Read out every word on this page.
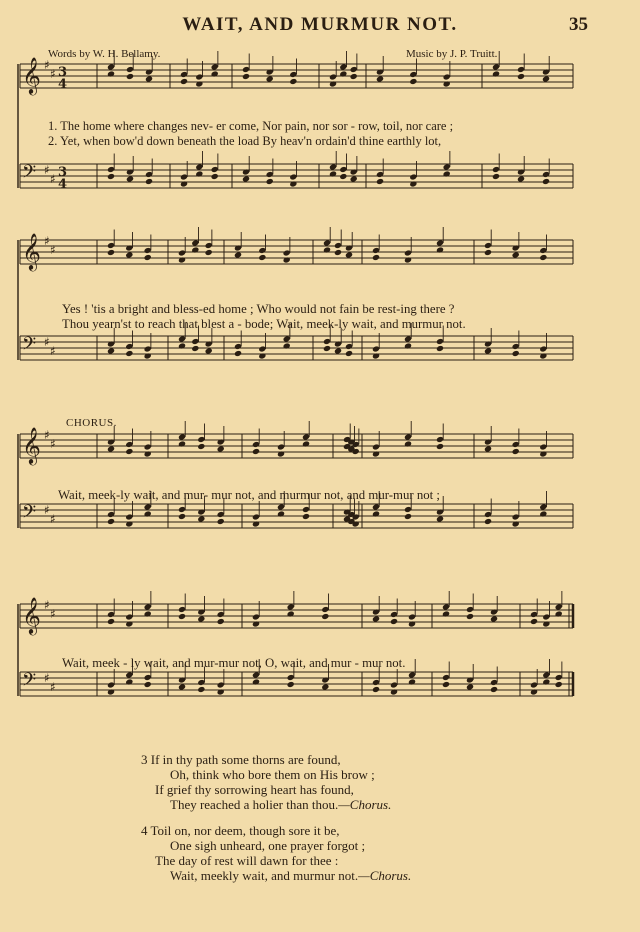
WAIT, AND MURMUR NOT.	35
Words by W. H. Bellamy.	Music by J. P. Truitt.
𝄞 ♯
♯ 3
4
𝄢 ♯
♯ 3
4
𝄞 ♯
♯
𝄢 ♯
♯
𝄞 ♯
♯
𝄢 ♯
♯
𝄞 ♯
♯
𝄢 ♯
♯
1. The home where changes nev- er come, Nor pain, nor sor - row, toil, nor care ;
2. Yet, when bow'd down beneath the load By heav'n ordain'd thine earthly lot,
Yes ! 'tis a bright and bless-ed home ; Who would not fain be rest-ing there ?
Thou yearn'st to reach that blest a - bode; Wait, meek-ly wait, and murmur not.
CHORUS.
Wait, meek-ly wait, and mur- mur not, and murmur not, and mur-mur not ;
Wait, meek - ly wait, and mur-mur not, O, wait, and mur - mur not.
3 If in thy path some thorns are found,
Oh, think who bore them on His brow ;
If grief thy sorrowing heart has found,
They reached a holier than thou.—Chorus.
4 Toil on, nor deem, though sore it be,
One sigh unheard, one prayer forgot ;
The day of rest will dawn for thee :
Wait, meekly wait, and murmur not.—Chorus.
